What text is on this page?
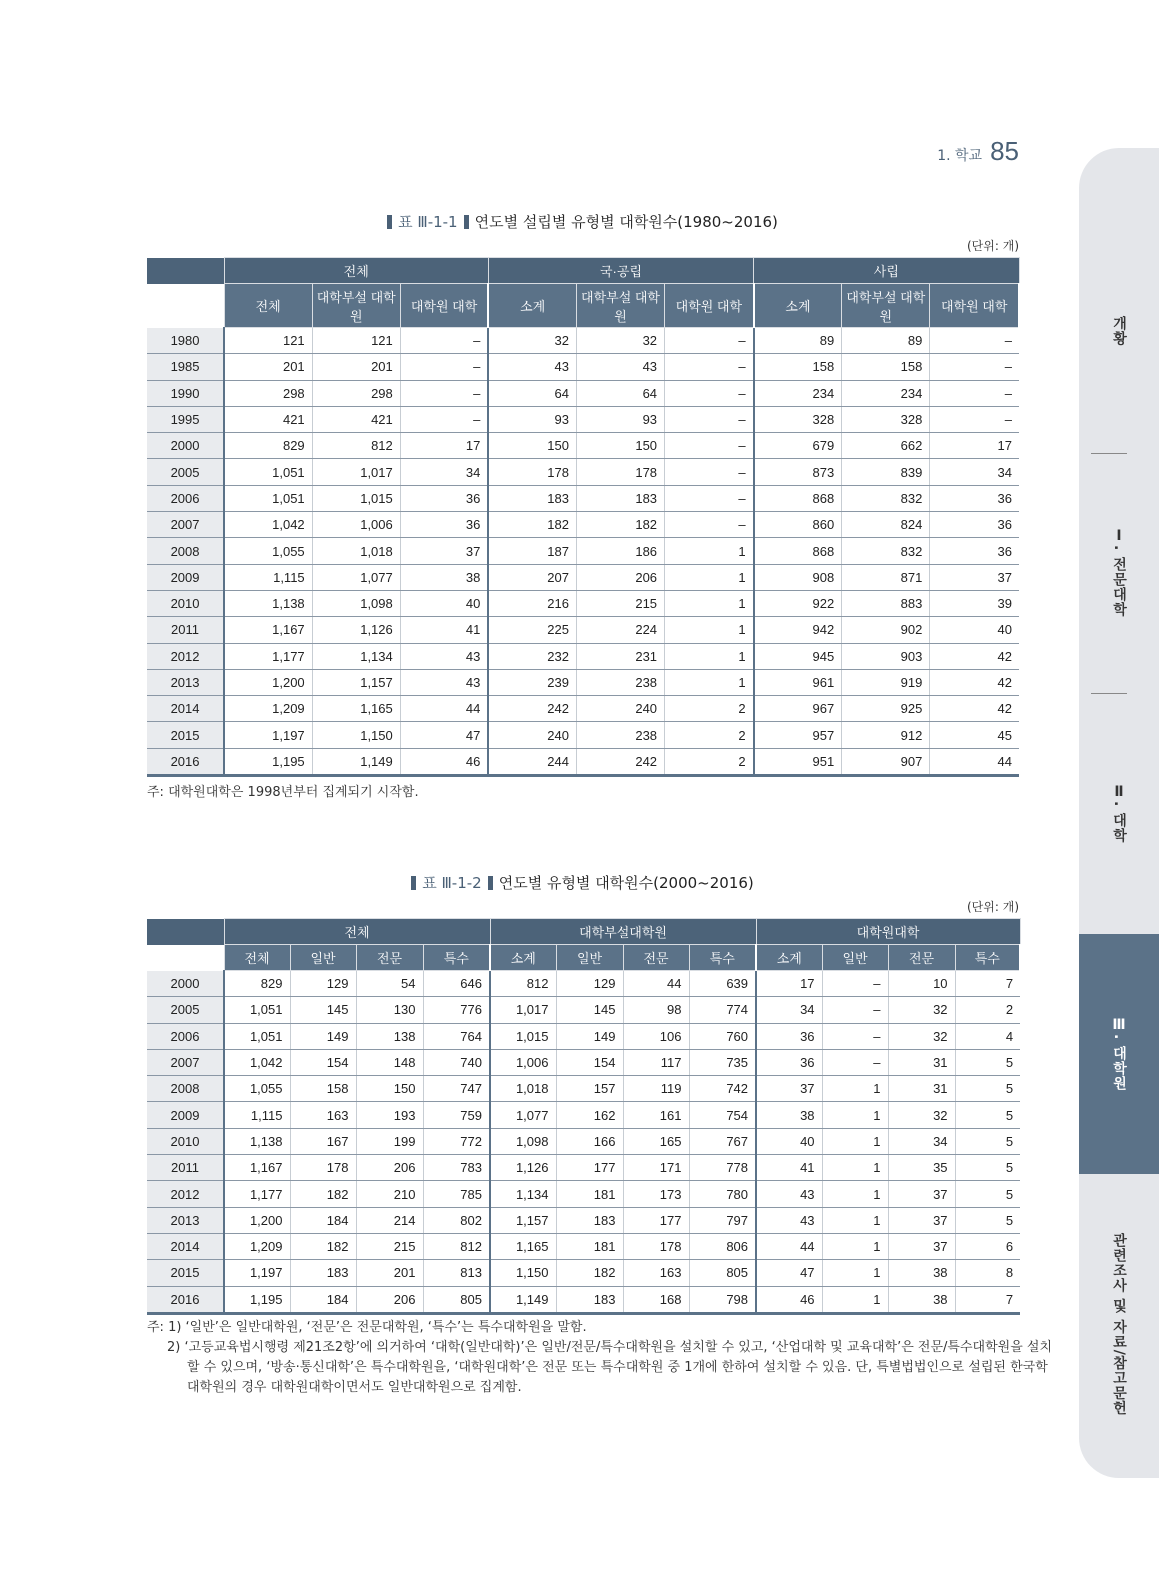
1. 학교 85
표 Ⅲ-1-1 연도별 설립별 유형별 대학원수(1980~2016)
(단위: 개)
	전체			국·공립			사립		
	전체	대학부설 대학원	대학원 대학	소계	대학부설 대학원	대학원 대학	소계	대학부설 대학원	대학원 대학
1980	121	121	–	32	32	–	89	89	–
1985	201	201	–	43	43	–	158	158	–
1990	298	298	–	64	64	–	234	234	–
1995	421	421	–	93	93	–	328	328	–
2000	829	812	17	150	150	–	679	662	17
2005	1,051	1,017	34	178	178	–	873	839	34
2006	1,051	1,015	36	183	183	–	868	832	36
2007	1,042	1,006	36	182	182	–	860	824	36
2008	1,055	1,018	37	187	186	1	868	832	36
2009	1,115	1,077	38	207	206	1	908	871	37
2010	1,138	1,098	40	216	215	1	922	883	39
2011	1,167	1,126	41	225	224	1	942	902	40
2012	1,177	1,134	43	232	231	1	945	903	42
2013	1,200	1,157	43	239	238	1	961	919	42
2014	1,209	1,165	44	242	240	2	967	925	42
2015	1,197	1,150	47	240	238	2	957	912	45
2016	1,195	1,149	46	244	242	2	951	907	44
주: 대학원대학은 1998년부터 집계되기 시작함.
표 Ⅲ-1-2 연도별 유형별 대학원수(2000~2016)
(단위: 개)
	전체				대학부설대학원				대학원대학			
	전체	일반	전문	특수	소계	일반	전문	특수	소계	일반	전문	특수
2000	829	129	54	646	812	129	44	639	17	–	10	7
2005	1,051	145	130	776	1,017	145	98	774	34	–	32	2
2006	1,051	149	138	764	1,015	149	106	760	36	–	32	4
2007	1,042	154	148	740	1,006	154	117	735	36	–	31	5
2008	1,055	158	150	747	1,018	157	119	742	37	1	31	5
2009	1,115	163	193	759	1,077	162	161	754	38	1	32	5
2010	1,138	167	199	772	1,098	166	165	767	40	1	34	5
2011	1,167	178	206	783	1,126	177	171	778	41	1	35	5
2012	1,177	182	210	785	1,134	181	173	780	43	1	37	5
2013	1,200	184	214	802	1,157	183	177	797	43	1	37	5
2014	1,209	182	215	812	1,165	181	178	806	44	1	37	6
2015	1,197	183	201	813	1,150	182	163	805	47	1	38	8
2016	1,195	184	206	805	1,149	183	168	798	46	1	38	7
주: 1) ‘일반’은 일반대학원, ‘전문’은 전문대학원, ‘특수’는 특수대학원을 말함.
2) ‘고등교육법시행령 제21조2항’에 의거하여 ‘대학(일반대학)’은 일반/전문/특수대학원을 설치할 수 있고, ‘산업대학 및 교육대학’은 전문/특수대학원을 설치할 수 있으며, ‘방송·통신대학’은 특수대학원을, ‘대학원대학’은 전문 또는 특수대학원 중 1개에 한하여 설치할 수 있음. 단, 특별법법인으로 설립된 한국학대학원의 경우 대학원대학이면서도 일반대학원으로 집계함.
개황
Ⅰ. 전문대학
Ⅱ. 대학
Ⅲ. 대학원
관련조사 및 자료/참고문헌
